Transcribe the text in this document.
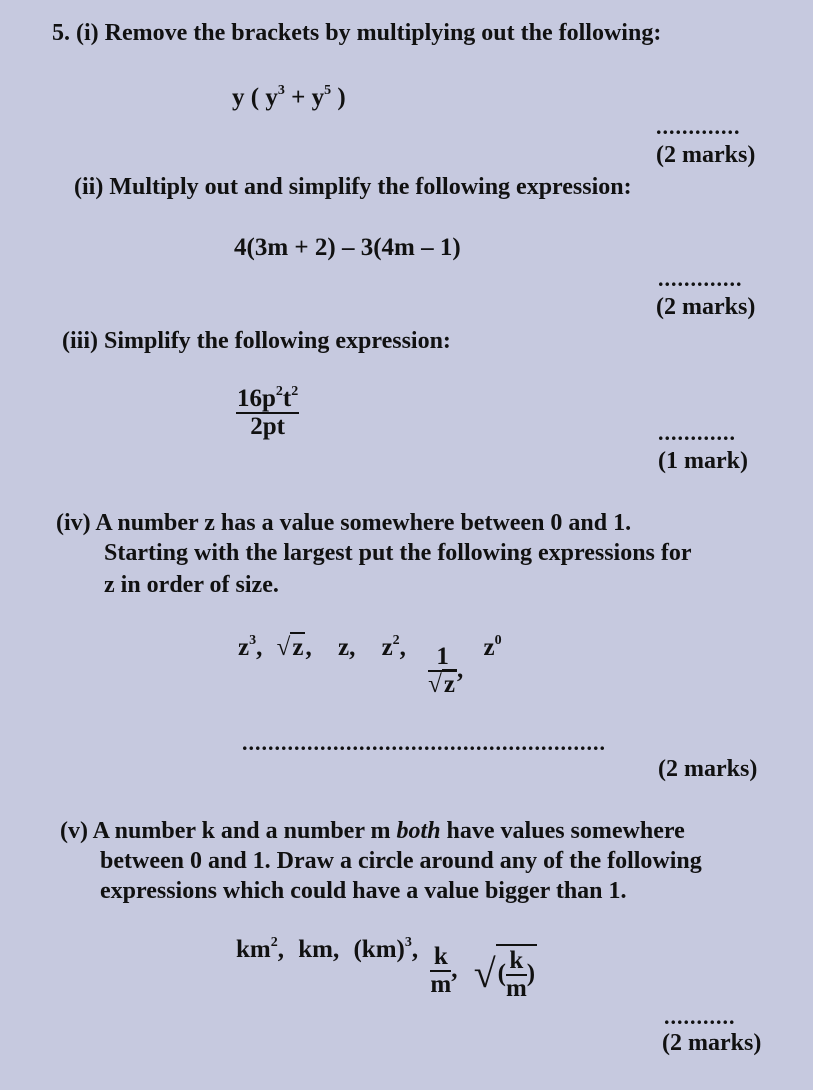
5. (i) Remove the brackets by multiplying out the following:
y ( $y^3 + y^5$ )
.............
(2 marks)
(ii) Multiply out and simplify the following expression:
4(3m + 2) – 3(4m – 1)
.............
(2 marks)
(iii) Simplify the following expression:
$\frac{16p^2t^2}{2pt}$	............
(1 mark)
(iv) A number z has a value somewhere between 0 and 1.
Starting with the largest put the following expressions for
z in order of size.
$z^3$, √z, z, $z^2$, $\frac{1}{√z}$ , $z^0$
........................................................
(2 marks)
(v) A number k and a number m both have values somewhere
between 0 and 1. Draw a circle around any of the following
expressions which could have a value bigger than 1.
$km^2$, km, (km)$^3$, $\frac{k}{m}$ , √( $\frac{k}{m}$ )
...........
(2 marks)
